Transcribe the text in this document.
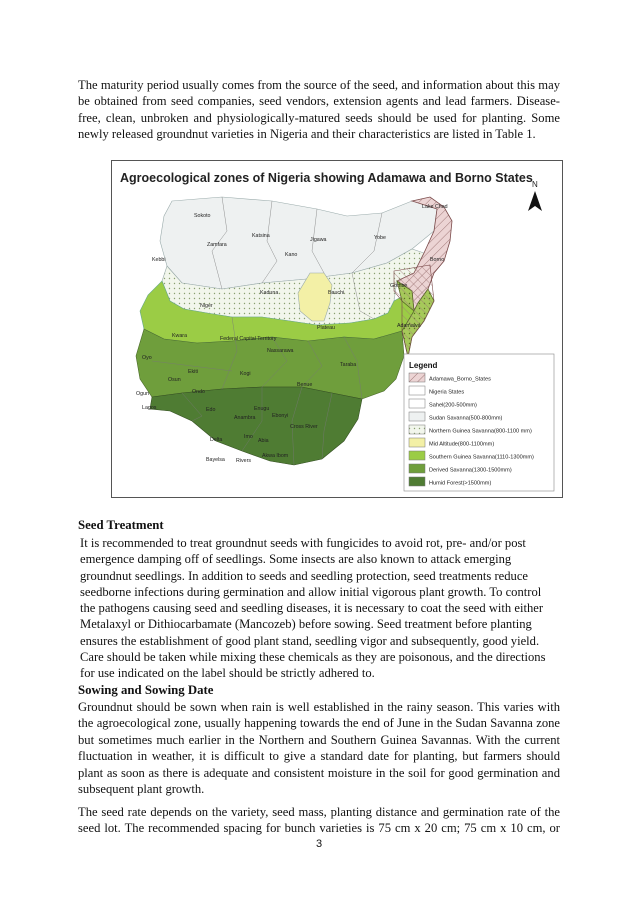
The maturity period usually comes from the source of the seed, and information about this may
be obtained from seed companies, seed vendors, extension agents and lead farmers. Disease-
free, clean, unbroken and physiologically-matured seeds should be used for planting. Some
newly released groundnut varieties in Nigeria and their characteristics are listed in Table 1.
Agroecological zones of Nigeria showing Adamawa and Borno States N
Sokoto
Katsina
Jigawa	Yobe
Borno
Lake Chad
Zamfara
Kano
Kebbi
Kaduna	Bauchi
Gombe
Niger
Plateau	Adamawa
Kwara	Federal Capital Territory
Nassarawa
Taraba
Oyo
Ekiti	Kogi
Osun
Ondo
Benue
Ogun
Edo
Lagos	Enugu
Ebonyi
Anambra
Cross River
Delta	Imo
Abia
Akwa Ibom
Bayelsa Rivers
Legend
Adamawa_Borno_States
Nigeria States
Sahel(200-500mm)
Sudan Savanna(500-800mm)
Northern Guinea Savanna(800-1100 mm)
Mid Altitude(800-1100mm)
Southern Guinea Savanna(1110-1300mm)
Derived Savanna(1300-1500mm)
Humid Forest(>1500mm)
Seed Treatment
It is recommended to treat groundnut seeds with fungicides to avoid rot, pre- and/or post
emergence damping off of seedlings. Some insects are also known to attack emerging
groundnut seedlings. In addition to seeds and seedling protection, seed treatments reduce
seedborne infections during germination and allow initial vigorous plant growth. To control
the pathogens causing seed and seedling diseases, it is necessary to coat the seed with either
Metalaxyl or Dithiocarbamate (Mancozeb) before sowing. Seed treatment before planting
ensures the establishment of good plant stand, seedling vigor and subsequently, good yield.
Care should be taken while mixing these chemicals as they are poisonous, and the directions
for use indicated on the label should be strictly adhered to.
Sowing and Sowing Date
Groundnut should be sown when rain is well established in the rainy season. This varies with
the agroecological zone, usually happening towards the end of June in the Sudan Savanna zone
but sometimes much earlier in the Northern and Southern Guinea Savannas. With the current
fluctuation in weather, it is difficult to give a standard date for planting, but farmers should
plant as soon as there is adequate and consistent moisture in the soil for good germination and
subsequent plant growth.
The seed rate depends on the variety, seed mass, planting distance and germination rate of the
seed lot. The recommended spacing for bunch varieties is 75 cm x 20 cm; 75 cm x 10 cm, or
3
